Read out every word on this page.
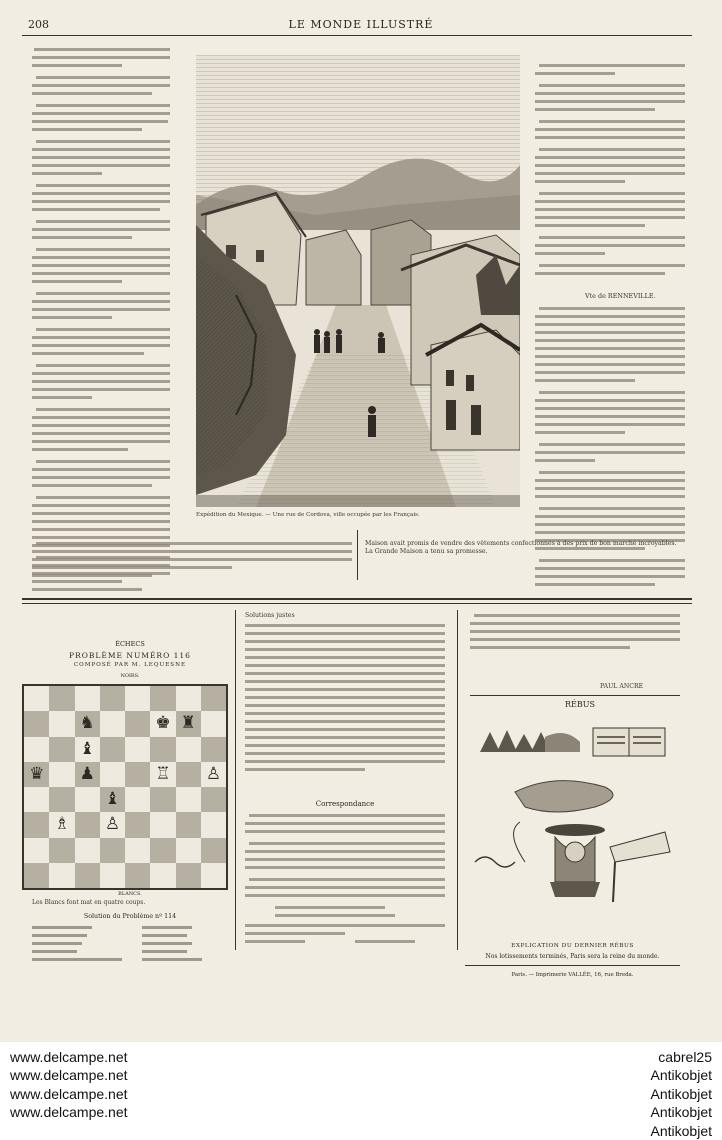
208	LE MONDE ILLUSTRÉ
Expédition du Mexique. — Une rue de Cordova, ville occupée par les Français.
Vte de RENNEVILLE.
Maison avait promis de vendre des vêtements confectionnés à des prix de bon marché incroyables. La Grande Maison a tenu sa promesse.
ÉCHECS
PROBLÈME NUMÉRO 116
COMPOSÉ PAR M. LEQUESNE
NOIRS.
♞	♚
♝
♜
♛	♟	♖	♙
♝
♗	♙
BLANCS.
Les Blancs font mat en quatre coups.
Solution du Problème nº 114
Solutions justes
Correspondance
PAUL ANCRE
RÉBUS
EXPLICATION DU DERNIER RÉBUS
Nos lotissements terminés, Paris sera la reine du monde.
Paris. — Imprimerie VALLÉE, 16, rue Breda.
www.delcampe.net
www.delcampe.net
www.delcampe.net
www.delcampe.net
cabrel25
Antikobjet
Antikobjet
Antikobjet
Antikobjet
